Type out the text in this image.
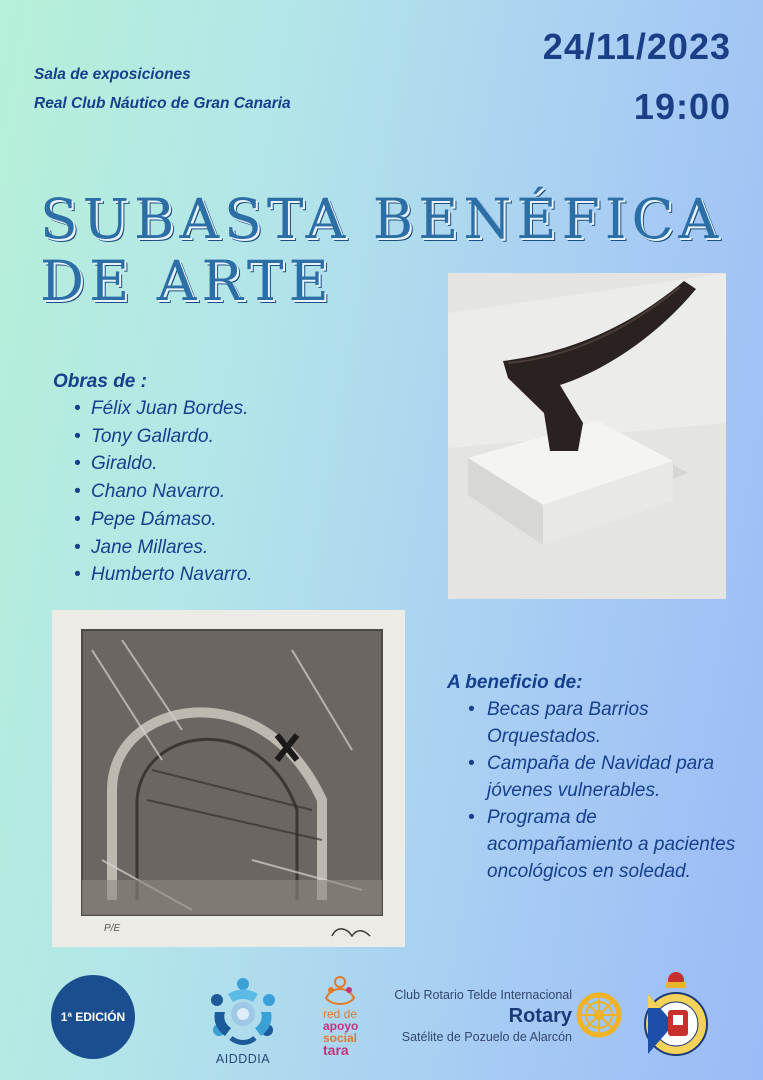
Sala de exposiciones
Real Club Náutico de Gran Canaria
24/11/2023
19:00
SUBASTA BENÉFICA
DE ARTE
Obras de :
• Félix Juan Bordes.
• Tony Gallardo.
• Giraldo.
• Chano Navarro.
• Pepe Dámaso.
• Jane Millares.
• Humberto Navarro.
P/E
A beneficio de:
• Becas para Barrios Orquestados.
• Campaña de Navidad para jóvenes vulnerables.
• Programa de acompañamiento a pacientes oncológicos en soledad.
1ª EDICIÓN
AIDDDIA
red de
apoyo
social
tara
Club Rotario Telde Internacional
Rotary
Satélite de Pozuelo de Alarcón
